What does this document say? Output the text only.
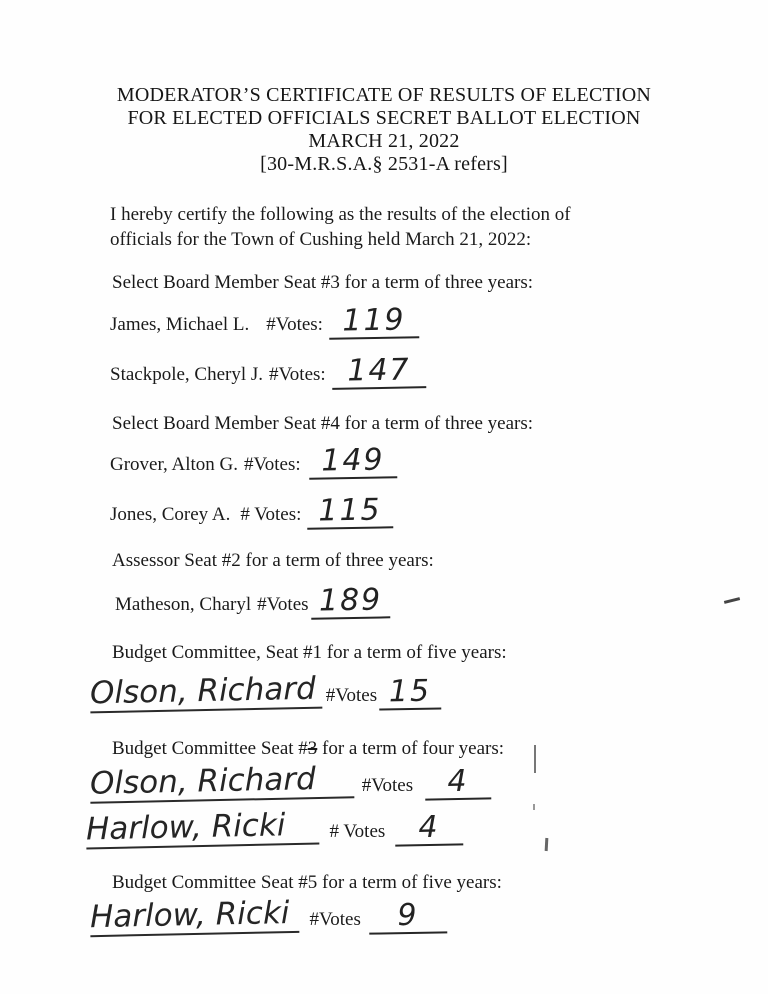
MODERATOR’S CERTIFICATE OF RESULTS OF ELECTION
FOR ELECTED OFFICIALS SECRET BALLOT ELECTION
MARCH 21, 2022
[30-M.R.S.A.§ 2531-A refers]
I hereby certify the following as the results of the election of
officials for the Town of Cushing held March 21, 2022:
Select Board Member Seat #3 for a term of three years:
James, Michael L. #Votes: 119
Stackpole, Cheryl J. #Votes: 147
Select Board Member Seat #4 for a term of three years:
Grover, Alton G. #Votes: 149
Jones, Corey A. # Votes: 115
Assessor Seat #2 for a term of three years:
Matheson, Charyl #Votes 189
Budget Committee, Seat #1 for a term of five years:
Olson, Richard #Votes 15
Budget Committee Seat #3 for a term of four years:
Olson, Richard	#Votes	4
Harlow, Ricki	# Votes	4
Budget Committee Seat #5 for a term of five years:
Harlow, Ricki	#Votes	9
